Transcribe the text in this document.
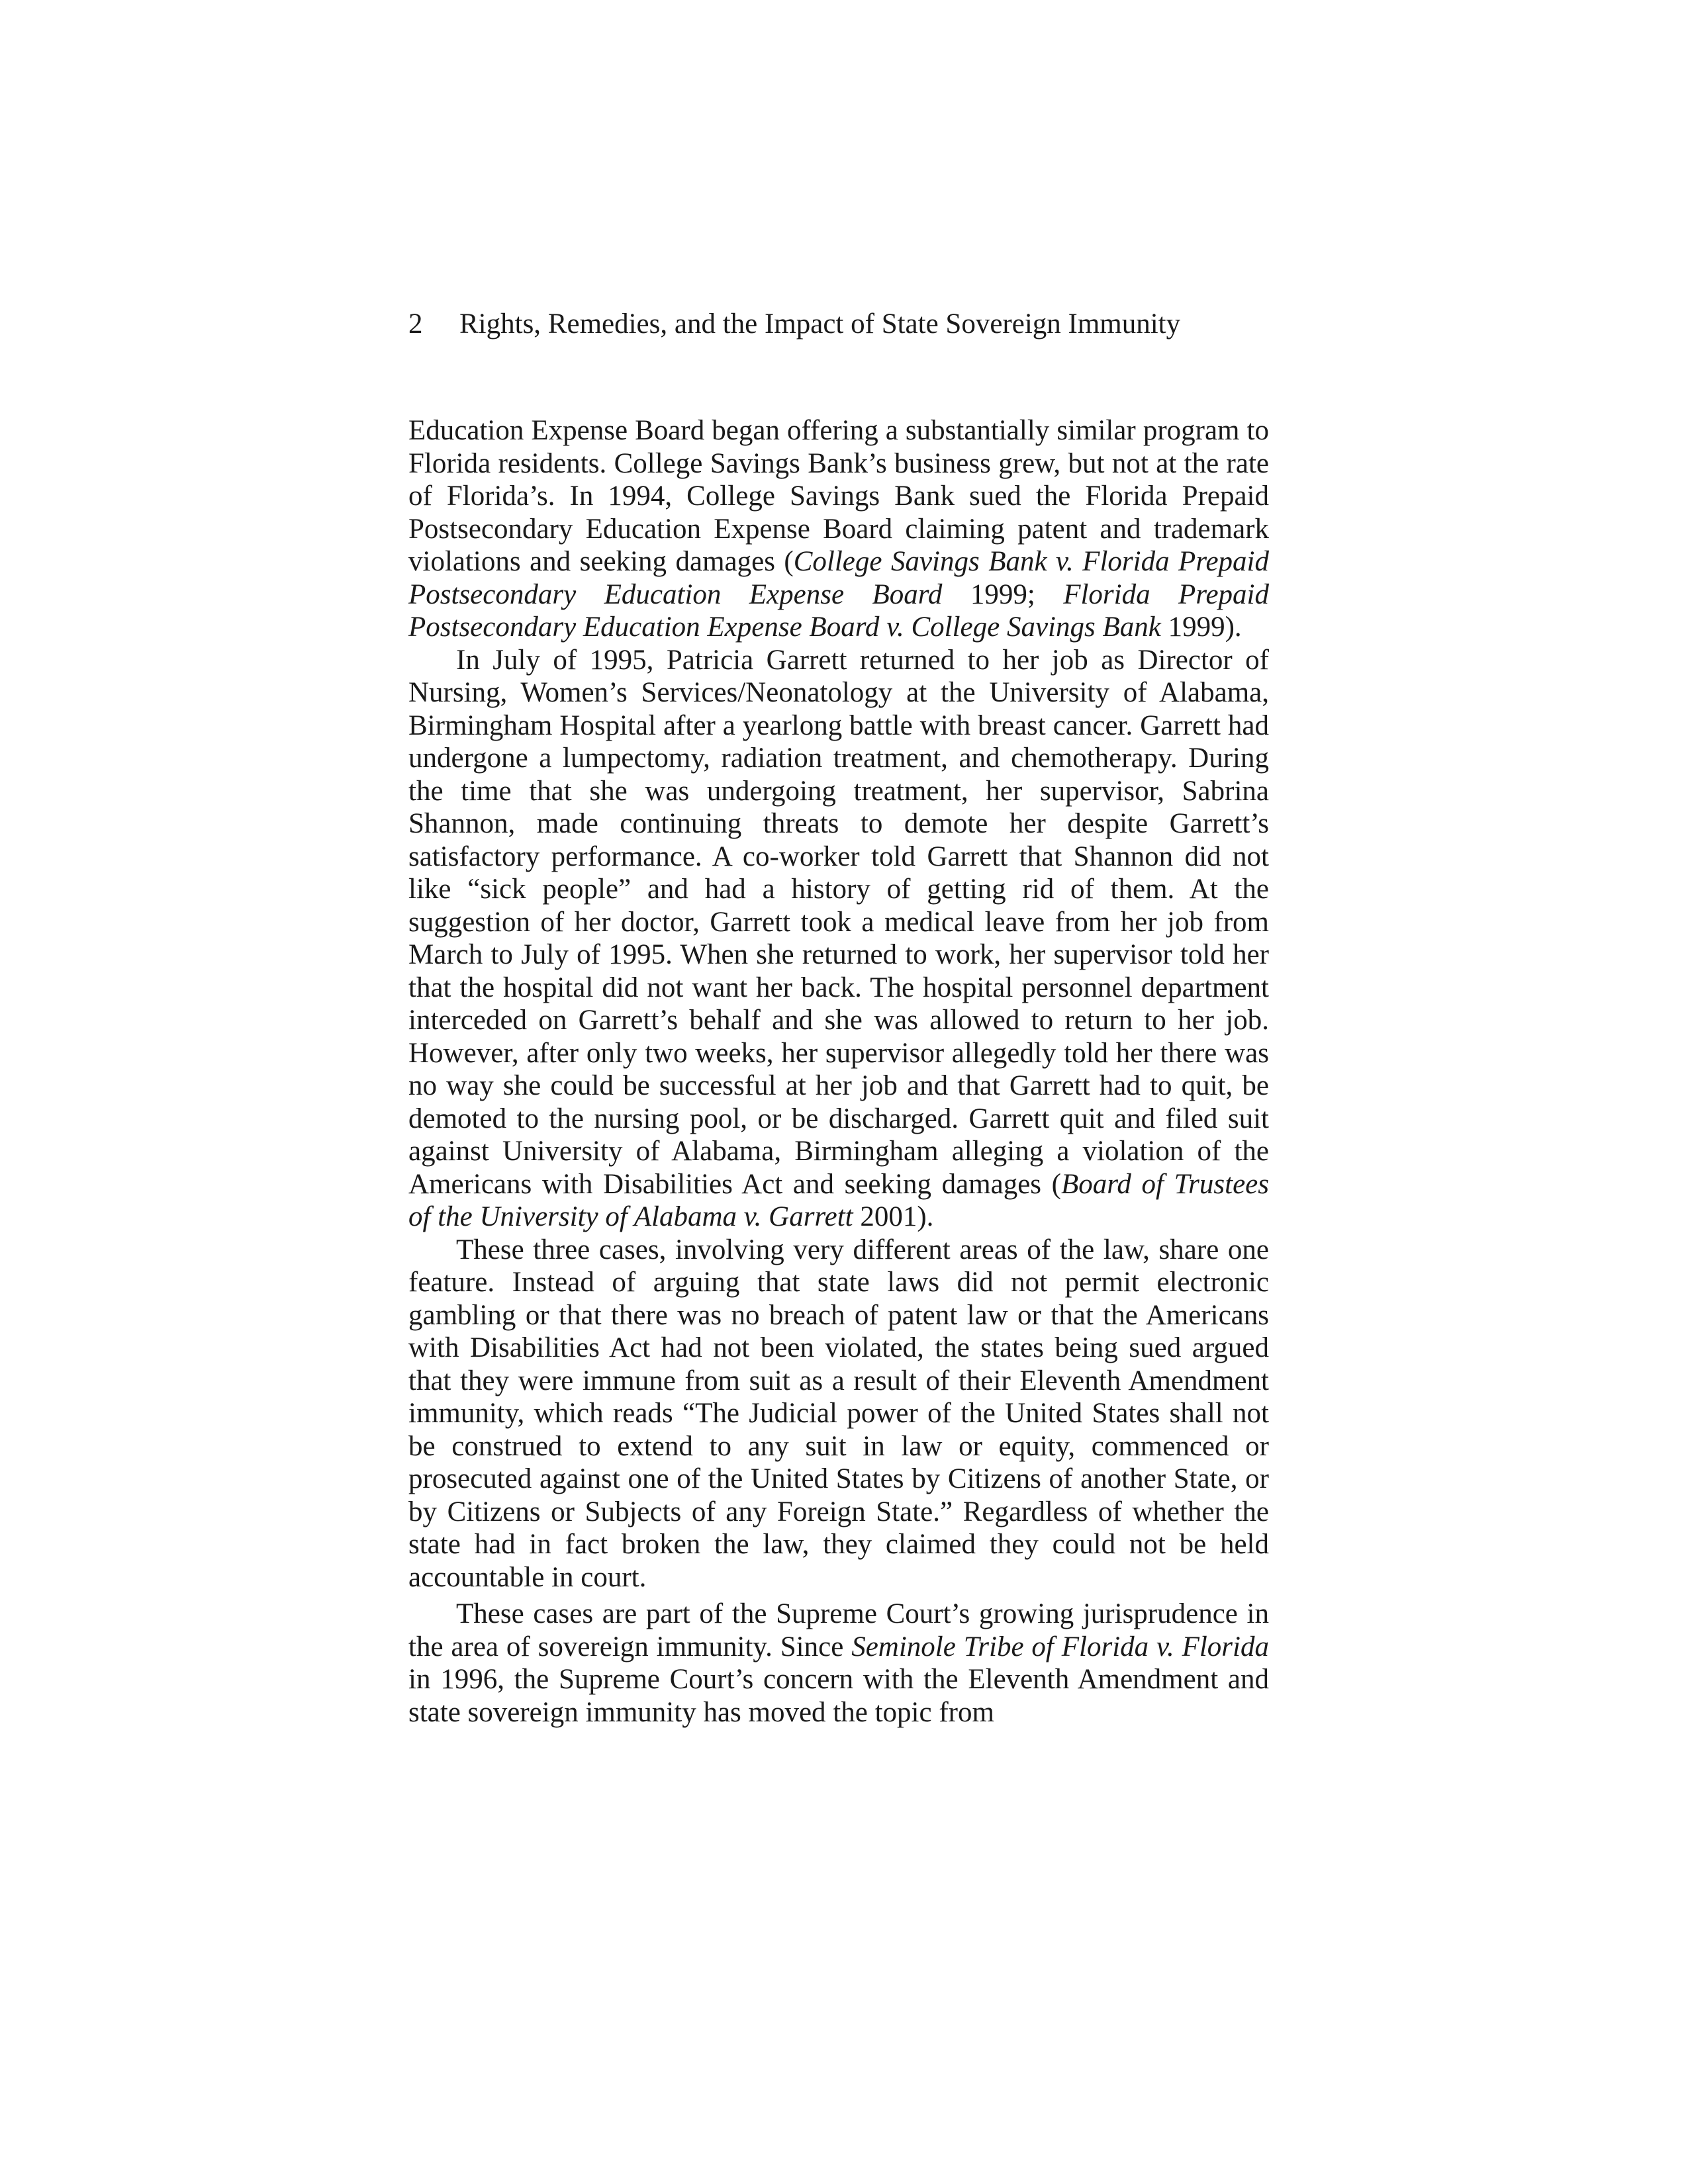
2 Rights, Remedies, and the Impact of State Sovereign Immunity

Education Expense Board began offering a substantially similar program to Florida residents. College Savings Bank’s business grew, but not at the rate of Florida’s. In 1994, College Savings Bank sued the Florida Prepaid Postsecondary Education Expense Board claiming patent and trademark violations and seeking damages (College Savings Bank v. Florida Prepaid Postsecondary Education Expense Board 1999; Florida Prepaid Postsecondary Education Expense Board v. College Savings Bank 1999).

In July of 1995, Patricia Garrett returned to her job as Director of Nursing, Women’s Services/Neonatology at the University of Alabama, Birmingham Hospital after a yearlong battle with breast cancer. Garrett had undergone a lumpectomy, radiation treatment, and chemotherapy. During the time that she was undergoing treatment, her supervisor, Sabrina Shannon, made continuing threats to demote her despite Garrett’s satisfactory performance. A co-worker told Garrett that Shannon did not like “sick people” and had a history of getting rid of them. At the suggestion of her doctor, Garrett took a medical leave from her job from March to July of 1995. When she returned to work, her supervisor told her that the hospital did not want her back. The hospital personnel department interceded on Garrett’s behalf and she was allowed to return to her job. However, after only two weeks, her supervisor allegedly told her there was no way she could be successful at her job and that Garrett had to quit, be demoted to the nursing pool, or be discharged. Garrett quit and filed suit against University of Alabama, Birmingham alleging a violation of the Americans with Disabilities Act and seeking damages (Board of Trustees of the University of Alabama v. Garrett 2001).

These three cases, involving very different areas of the law, share one feature. Instead of arguing that state laws did not permit electronic gambling or that there was no breach of patent law or that the Americans with Disabilities Act had not been violated, the states being sued argued that they were immune from suit as a result of their Eleventh Amendment immunity, which reads “The Judicial power of the United States shall not be construed to extend to any suit in law or equity, commenced or prosecuted against one of the United States by Citizens of another State, or by Citizens or Subjects of any Foreign State.” Regardless of whether the state had in fact broken the law, they claimed they could not be held accountable in court.

These cases are part of the Supreme Court’s growing jurisprudence in the area of sovereign immunity. Since Seminole Tribe of Florida v. Florida in 1996, the Supreme Court’s concern with the Eleventh Amendment and state sovereign immunity has moved the topic from
